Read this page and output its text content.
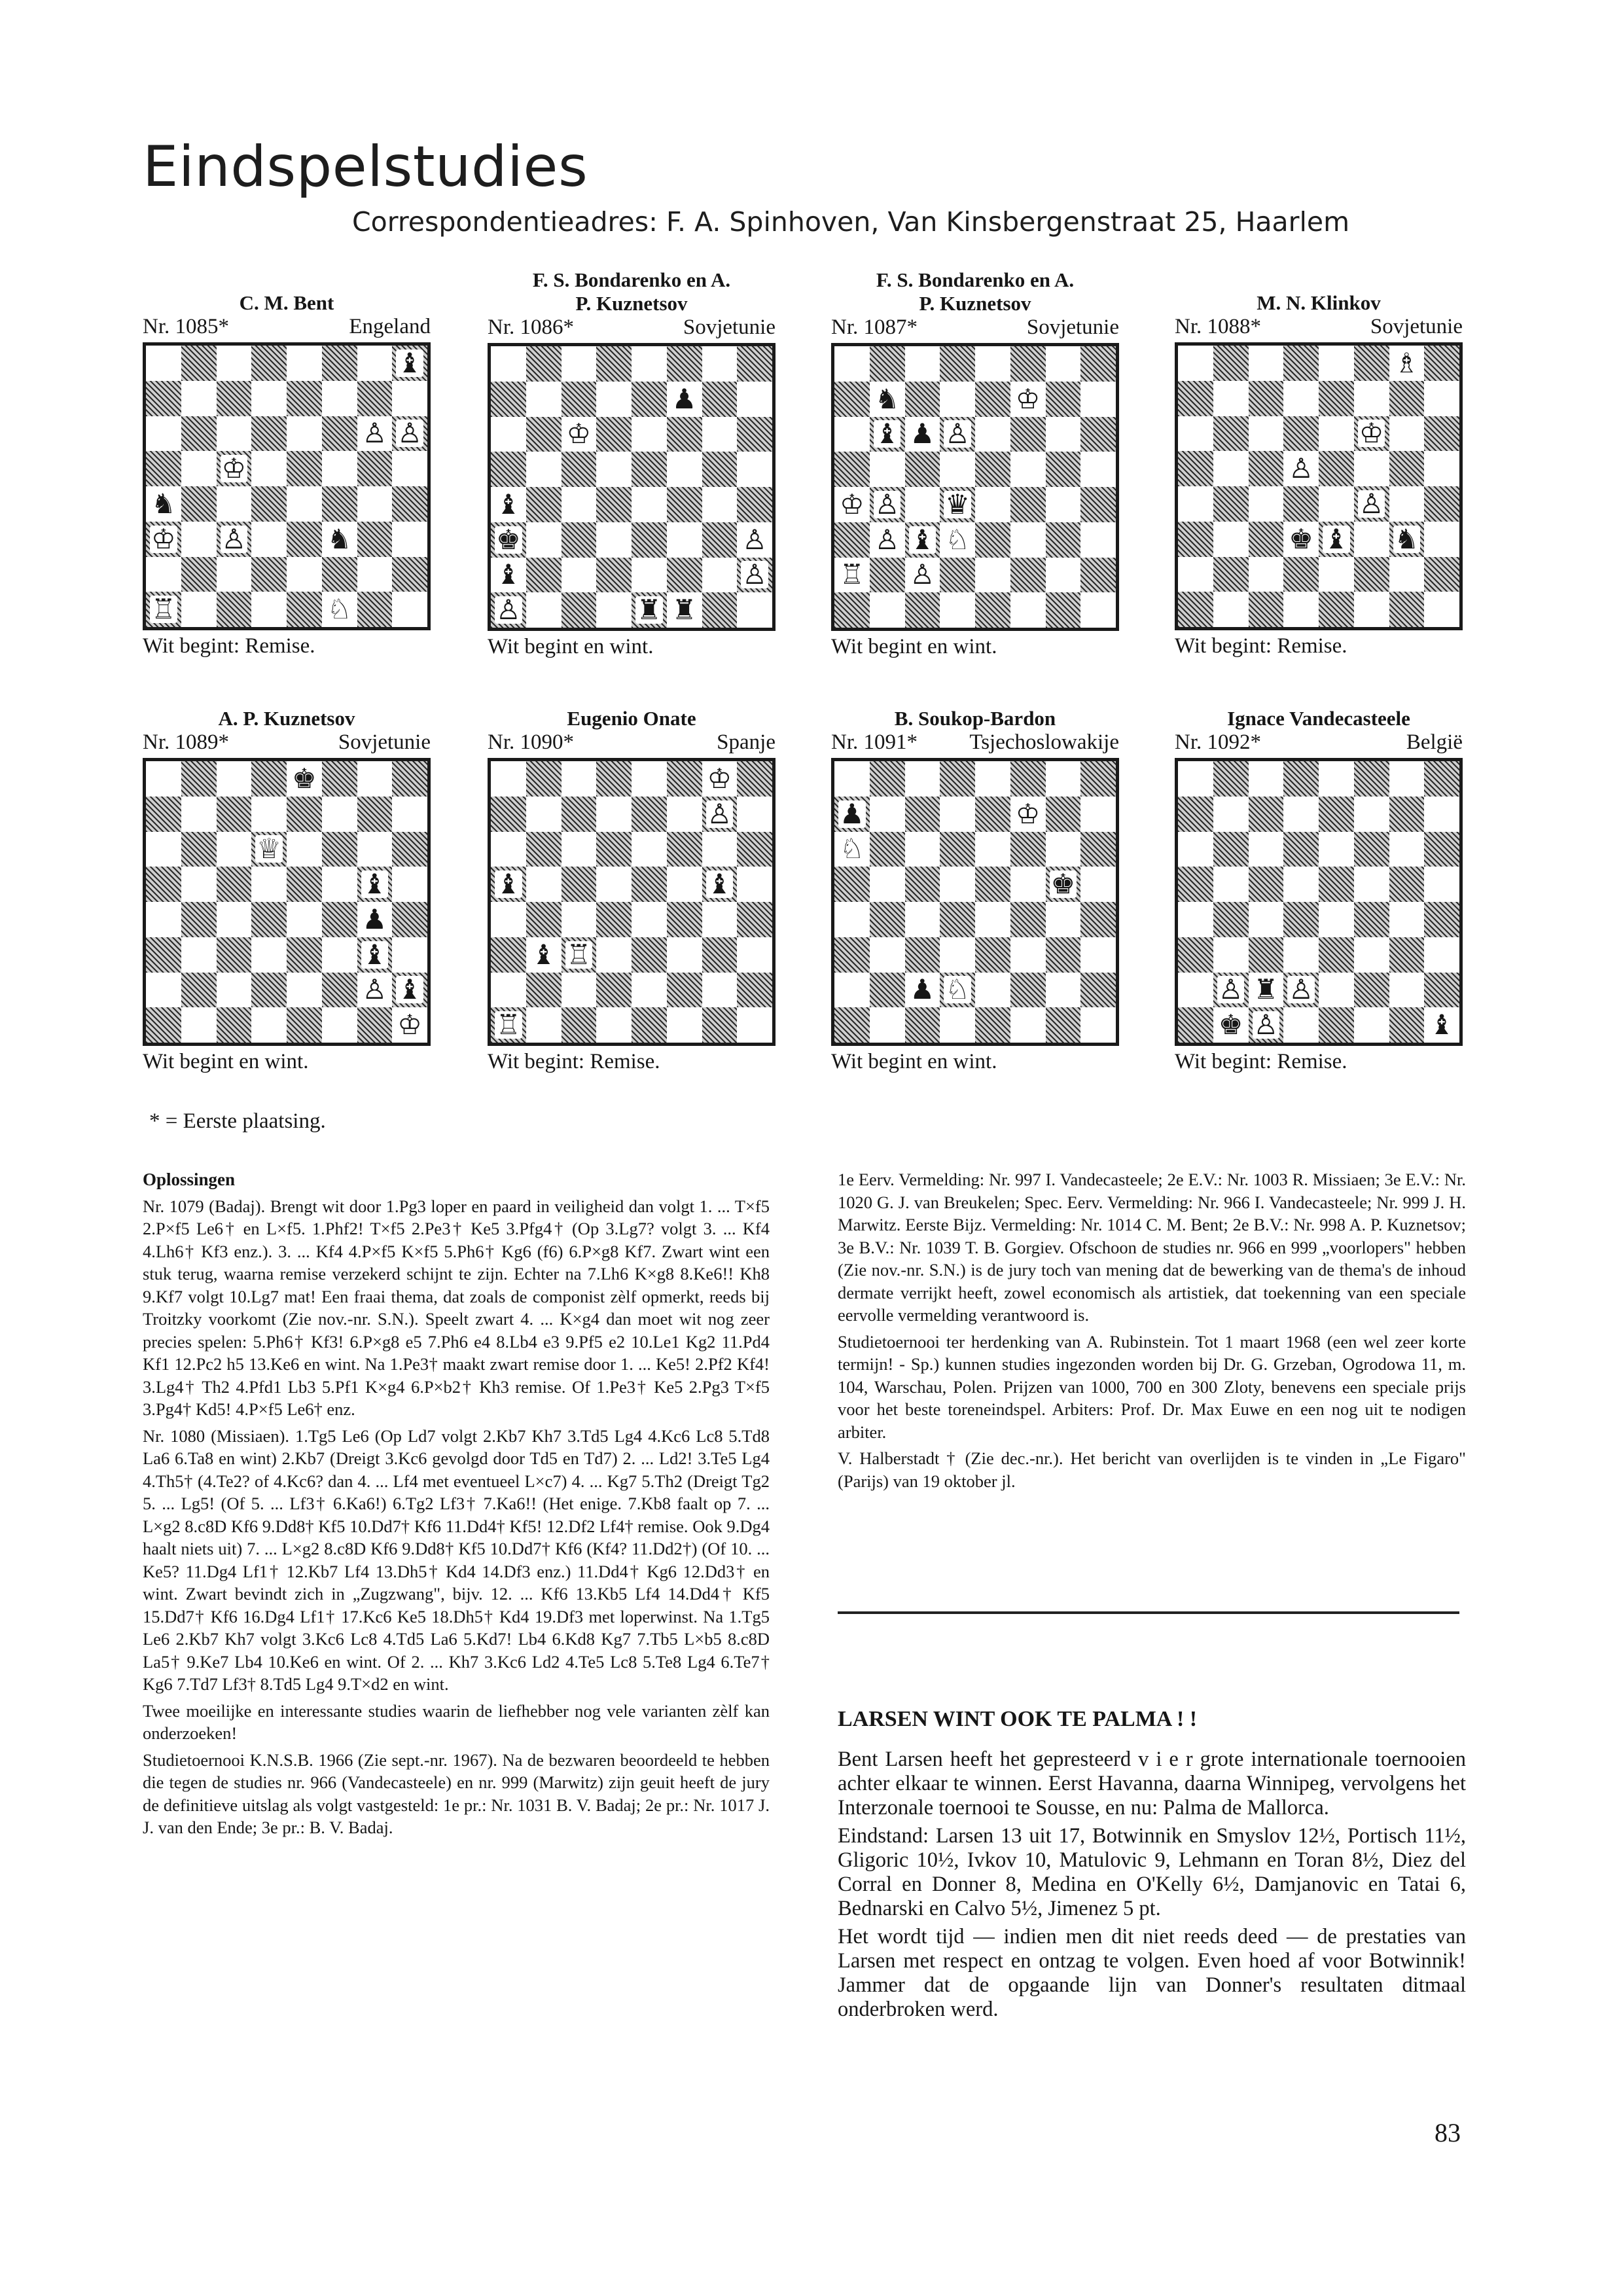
Eindspelstudies
Correspondentieadres: F. A. Spinhoven, Van Kinsbergenstraat 25, Haarlem
C. M. Bent
Nr. 1085*	Engeland
♝
♙ ♙
♔
♞
♔ ♙	♞
♖	♘
Wit begint: Remise.
F. S. Bondarenko en A. P. Kuznetsov
Nr. 1086*	Sovjetunie
♟
♔
♝
♚	♙
♝	♙
♙	♜ ♜
Wit begint en wint.
F. S. Bondarenko en A. P. Kuznetsov
Nr. 1087*	Sovjetunie
♞	♔
♝ ♟ ♙
♔ ♙ ♛
♙ ♝ ♘
♖ ♙
Wit begint en wint.
M. N. Klinkov
Nr. 1088*	Sovjetunie
♗
♔
♙
♙
♚ ♝ ♞
Wit begint: Remise.
A. P. Kuznetsov
Nr. 1089*	Sovjetunie
♚
♕
♝
♟
♝
♙ ♝
♔
Wit begint en wint.
Eugenio Onate
Nr. 1090*	Spanje
♔
♙
♝	♝
♝ ♖
♖
Wit begint: Remise.
B. Soukop-Bardon
Nr. 1091* Tsjechoslowakije
♟	♔
♘
♚
♟ ♘
Wit begint en wint.
Ignace Vandecasteele
Nr. 1092*	België
♙ ♜ ♙
♚ ♙	♝
Wit begint: Remise.
* = Eerste plaatsing.
Oplossingen

Nr. 1079 (Badaj). Brengt wit door 1.Pg3 loper en paard in veiligheid dan volgt 1. ... T×f5 2.P×f5 Le6† en L×f5. 1.Phf2! T×f5 2.Pe3† Ke5 3.Pfg4† (Op 3.Lg7? volgt 3. ... Kf4 4.Lh6† Kf3 enz.). 3. ... Kf4 4.P×f5 K×f5 5.Ph6† Kg6 (f6) 6.P×g8 Kf7. Zwart wint een stuk terug, waarna remise verzekerd schijnt te zijn. Echter na 7.Lh6 K×g8 8.Ke6!! Kh8 9.Kf7 volgt 10.Lg7 mat! Een fraai thema, dat zoals de componist zèlf opmerkt, reeds bij Troitzky voorkomt (Zie nov.-nr. S.N.). Speelt zwart 4. ... K×g4 dan moet wit nog zeer precies spelen: 5.Ph6† Kf3! 6.P×g8 e5 7.Ph6 e4 8.Lb4 e3 9.Pf5 e2 10.Le1 Kg2 11.Pd4 Kf1 12.Pc2 h5 13.Ke6 en wint. Na 1.Pe3† maakt zwart remise door 1. ... Ke5! 2.Pf2 Kf4! 3.Lg4† Th2 4.Pfd1 Lb3 5.Pf1 K×g4 6.P×b2† Kh3 remise. Of 1.Pe3† Ke5 2.Pg3 T×f5 3.Pg4† Kd5! 4.P×f5 Le6† enz.

Nr. 1080 (Missiaen). 1.Tg5 Le6 (Op Ld7 volgt 2.Kb7 Kh7 3.Td5 Lg4 4.Kc6 Lc8 5.Td8 La6 6.Ta8 en wint) 2.Kb7 (Dreigt 3.Kc6 gevolgd door Td5 en Td7) 2. ... Ld2! 3.Te5 Lg4 4.Th5† (4.Te2? of 4.Kc6? dan 4. ... Lf4 met eventueel L×c7) 4. ... Kg7 5.Th2 (Dreigt Tg2 5. ... Lg5! (Of 5. ... Lf3† 6.Ka6!) 6.Tg2 Lf3† 7.Ka6!! (Het enige. 7.Kb8 faalt op 7. ... L×g2 8.c8D Kf6 9.Dd8† Kf5 10.Dd7† Kf6 11.Dd4† Kf5! 12.Df2 Lf4† remise. Ook 9.Dg4 haalt niets uit) 7. ... L×g2 8.c8D Kf6 9.Dd8† Kf5 10.Dd7† Kf6 (Kf4? 11.Dd2†) (Of 10. ... Ke5? 11.Dg4 Lf1† 12.Kb7 Lf4 13.Dh5† Kd4 14.Df3 enz.) 11.Dd4† Kg6 12.Dd3† en wint. Zwart bevindt zich in „Zugzwang", bijv. 12. ... Kf6 13.Kb5 Lf4 14.Dd4† Kf5 15.Dd7† Kf6 16.Dg4 Lf1† 17.Kc6 Ke5 18.Dh5† Kd4 19.Df3 met loperwinst. Na 1.Tg5 Le6 2.Kb7 Kh7 volgt 3.Kc6 Lc8 4.Td5 La6 5.Kd7! Lb4 6.Kd8 Kg7 7.Tb5 L×b5 8.c8D La5† 9.Ke7 Lb4 10.Ke6 en wint. Of 2. ... Kh7 3.Kc6 Ld2 4.Te5 Lc8 5.Te8 Lg4 6.Te7† Kg6 7.Td7 Lf3† 8.Td5 Lg4 9.T×d2 en wint.

Twee moeilijke en interessante studies waarin de liefhebber nog vele varianten zèlf kan onderzoeken!

Studietoernooi K.N.S.B. 1966 (Zie sept.-nr. 1967). Na de bezwaren beoordeeld te hebben die tegen de studies nr. 966 (Vandecasteele) en nr. 999 (Marwitz) zijn geuit heeft de jury de definitieve uitslag als volgt vastgesteld: 1e pr.: Nr. 1031 B. V. Badaj; 2e pr.: Nr. 1017 J. J. van den Ende; 3e pr.: B. V. Badaj.

1e Eerv. Vermelding: Nr. 997 I. Vandecasteele; 2e E.V.: Nr. 1003 R. Missiaen; 3e E.V.: Nr. 1020 G. J. van Breukelen; Spec. Eerv. Vermelding: Nr. 966 I. Vandecasteele; Nr. 999 J. H. Marwitz. Eerste Bijz. Vermelding: Nr. 1014 C. M. Bent; 2e B.V.: Nr. 998 A. P. Kuznetsov; 3e B.V.: Nr. 1039 T. B. Gorgiev. Ofschoon de studies nr. 966 en 999 „voorlopers" hebben (Zie nov.-nr. S.N.) is de jury toch van mening dat de bewerking van de thema's de inhoud dermate verrijkt heeft, zowel economisch als artistiek, dat toekenning van een speciale eervolle vermelding verantwoord is.

Studietoernooi ter herdenking van A. Rubinstein. Tot 1 maart 1968 (een wel zeer korte termijn! - Sp.) kunnen studies ingezonden worden bij Dr. G. Grzeban, Ogrodowa 11, m. 104, Warschau, Polen. Prijzen van 1000, 700 en 300 Zloty, benevens een speciale prijs voor het beste toreneindspel. Arbiters: Prof. Dr. Max Euwe en een nog uit te nodigen arbiter.

V. Halberstadt † (Zie dec.-nr.). Het bericht van overlijden is te vinden in „Le Figaro" (Parijs) van 19 oktober jl.

LARSEN WINT OOK TE PALMA ! !

Bent Larsen heeft het gepresteerd v i e r grote internationale toernooien achter elkaar te winnen. Eerst Havanna, daarna Winnipeg, vervolgens het Interzonale toernooi te Sousse, en nu: Palma de Mallorca.

Eindstand: Larsen 13 uit 17, Botwinnik en Smyslov 12½, Portisch 11½, Gligoric 10½, Ivkov 10, Matulovic 9, Lehmann en Toran 8½, Diez del Corral en Donner 8, Medina en O'Kelly 6½, Damjanovic en Tatai 6, Bednarski en Calvo 5½, Jimenez 5 pt.

Het wordt tijd — indien men dit niet reeds deed — de prestaties van Larsen met respect en ontzag te volgen. Even hoed af voor Botwinnik! Jammer dat de opgaande lijn van Donner's resultaten ditmaal onderbroken werd.

83
